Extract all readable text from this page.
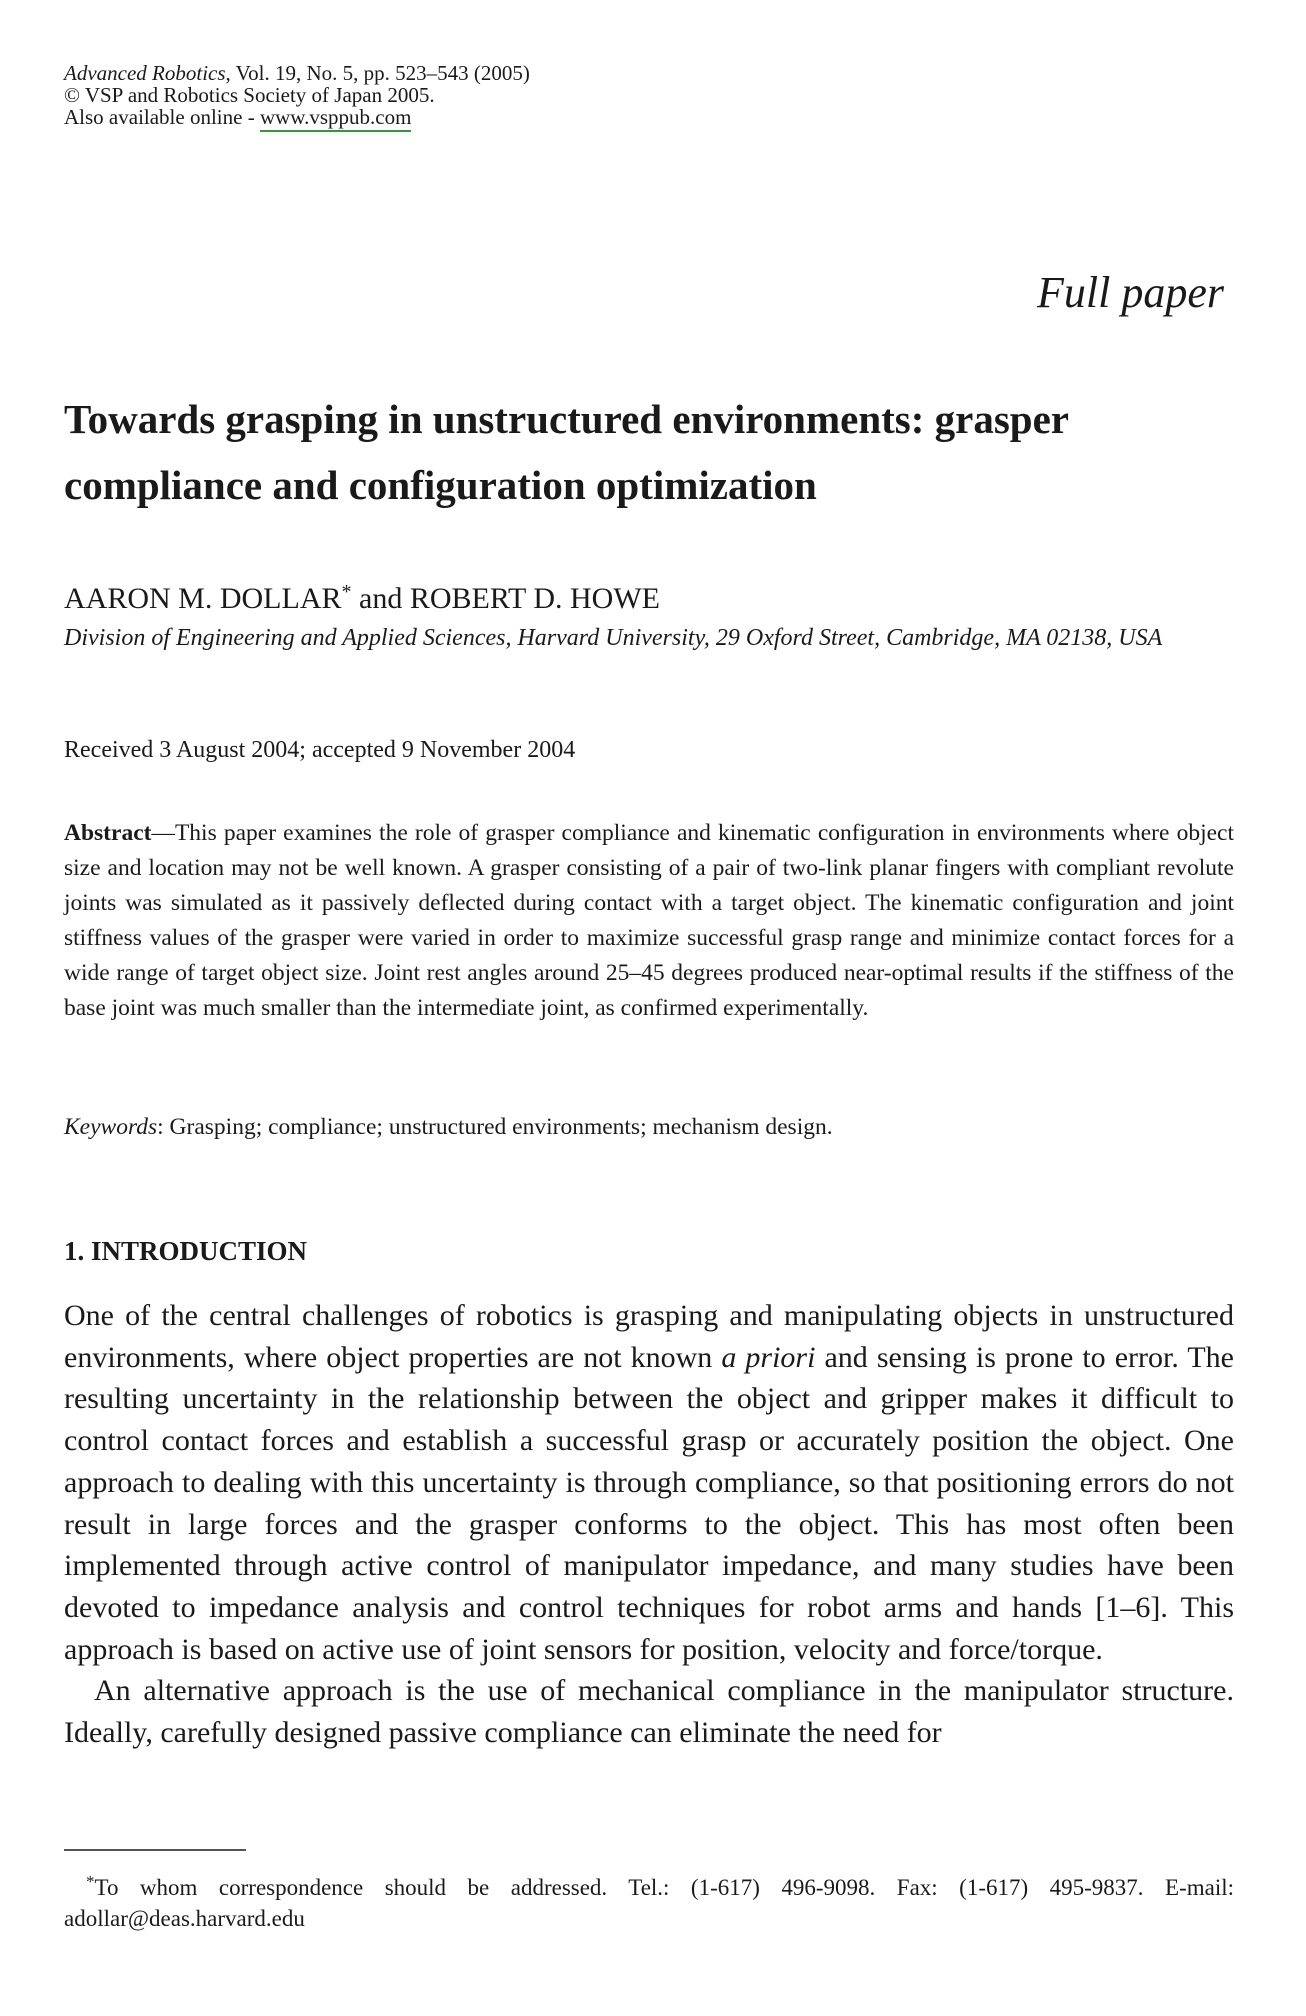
Advanced Robotics, Vol. 19, No. 5, pp. 523–543 (2005)
© VSP and Robotics Society of Japan 2005.
Also available online - www.vsppub.com
Full paper
Towards grasping in unstructured environments: grasper compliance and configuration optimization
AARON M. DOLLAR* and ROBERT D. HOWE
Division of Engineering and Applied Sciences, Harvard University, 29 Oxford Street, Cambridge, MA 02138, USA
Received 3 August 2004; accepted 9 November 2004

Abstract—This paper examines the role of grasper compliance and kinematic configuration in environments where object size and location may not be well known. A grasper consisting of a pair of two-link planar fingers with compliant revolute joints was simulated as it passively deflected during contact with a target object. The kinematic configuration and joint stiffness values of the grasper were varied in order to maximize successful grasp range and minimize contact forces for a wide range of target object size. Joint rest angles around 25–45 degrees produced near-optimal results if the stiffness of the base joint was much smaller than the intermediate joint, as confirmed experimentally.

Keywords: Grasping; compliance; unstructured environments; mechanism design.
1. INTRODUCTION

One of the central challenges of robotics is grasping and manipulating objects in unstructured environments, where object properties are not known a priori and sensing is prone to error. The resulting uncertainty in the relationship between the object and gripper makes it difficult to control contact forces and establish a successful grasp or accurately position the object. One approach to dealing with this uncertainty is through compliance, so that positioning errors do not result in large forces and the grasper conforms to the object. This has most often been implemented through active control of manipulator impedance, and many studies have been devoted to impedance analysis and control techniques for robot arms and hands [1–6]. This approach is based on active use of joint sensors for position, velocity and force/torque.

An alternative approach is the use of mechanical compliance in the manipulator structure. Ideally, carefully designed passive compliance can eliminate the need for

*To whom correspondence should be addressed. Tel.: (1-617) 496-9098. Fax: (1-617) 495-9837. E-mail: adollar@deas.harvard.edu
